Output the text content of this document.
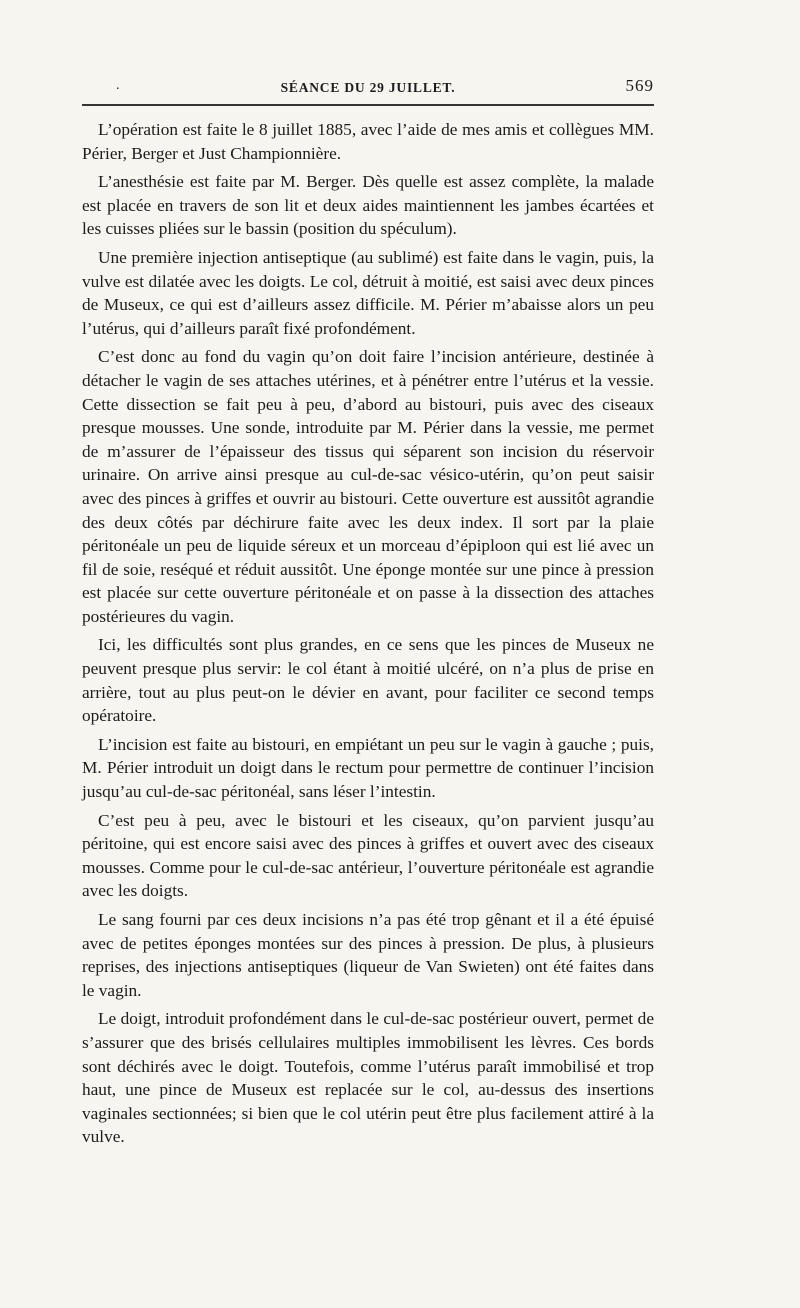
.	SÉANCE DU 29 JUILLET.	569

L’opération est faite le 8 juillet 1885, avec l’aide de mes amis et collègues MM. Périer, Berger et Just Championnière.

L’anesthésie est faite par M. Berger. Dès quelle est assez complète, la malade est placée en travers de son lit et deux aides maintiennent les jambes écartées et les cuisses pliées sur le bassin (position du spéculum).

Une première injection antiseptique (au sublimé) est faite dans le vagin, puis, la vulve est dilatée avec les doigts. Le col, détruit à moitié, est saisi avec deux pinces de Museux, ce qui est d’ailleurs assez difficile. M. Périer m’abaisse alors un peu l’utérus, qui d’ailleurs paraît fixé profondément.

C’est donc au fond du vagin qu’on doit faire l’incision antérieure, destinée à détacher le vagin de ses attaches utérines, et à pénétrer entre l’utérus et la vessie. Cette dissection se fait peu à peu, d’abord au bistouri, puis avec des ciseaux presque mousses. Une sonde, introduite par M. Périer dans la vessie, me permet de m’assurer de l’épaisseur des tissus qui séparent son incision du réservoir urinaire. On arrive ainsi presque au cul-de-sac vésico-utérin, qu’on peut saisir avec des pinces à griffes et ouvrir au bistouri. Cette ouverture est aussitôt agrandie des deux côtés par déchirure faite avec les deux index. Il sort par la plaie péritonéale un peu de liquide séreux et un morceau d’épiploon qui est lié avec un fil de soie, reséqué et réduit aussitôt. Une éponge montée sur une pince à pression est placée sur cette ouverture péritonéale et on passe à la dissection des attaches postérieures du vagin.

Ici, les difficultés sont plus grandes, en ce sens que les pinces de Museux ne peuvent presque plus servir: le col étant à moitié ulcéré, on n’a plus de prise en arrière, tout au plus peut-on le dévier en avant, pour faciliter ce second temps opératoire.

L’incision est faite au bistouri, en empiétant un peu sur le vagin à gauche ; puis, M. Périer introduit un doigt dans le rectum pour permettre de continuer l’incision jusqu’au cul-de-sac péritonéal, sans léser l’intestin.

C’est peu à peu, avec le bistouri et les ciseaux, qu’on parvient jusqu’au péritoine, qui est encore saisi avec des pinces à griffes et ouvert avec des ciseaux mousses. Comme pour le cul-de-sac antérieur, l’ouverture péritonéale est agrandie avec les doigts.

Le sang fourni par ces deux incisions n’a pas été trop gênant et il a été épuisé avec de petites éponges montées sur des pinces à pression. De plus, à plusieurs reprises, des injections antiseptiques (liqueur de Van Swieten) ont été faites dans le vagin.

Le doigt, introduit profondément dans le cul-de-sac postérieur ouvert, permet de s’assurer que des brisés cellulaires multiples immobilisent les lèvres. Ces bords sont déchirés avec le doigt. Toutefois, comme l’utérus paraît immobilisé et trop haut, une pince de Museux est replacée sur le col, au-dessus des insertions vaginales sectionnées; si bien que le col utérin peut être plus facilement attiré à la vulve.
